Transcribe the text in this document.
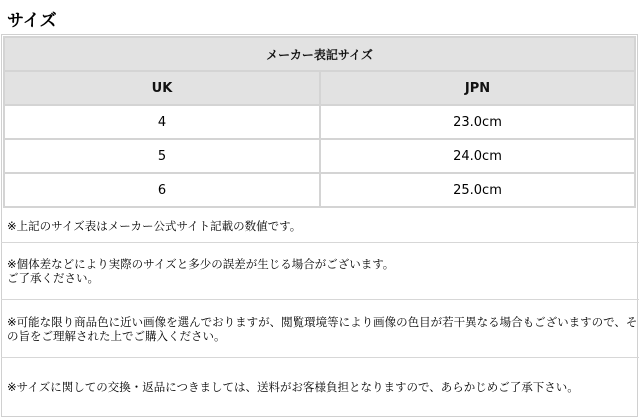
サイズ
メーカー表記サイズ	
UK	JPN
4	23.0cm
5	24.0cm
6	25.0cm
※上記のサイズ表はメーカー公式サイト記載の数値です。
※個体差などにより実際のサイズと多少の誤差が生じる場合がございます。
ご了承ください。
※可能な限り商品色に近い画像を選んでおりますが、閲覧環境等により画像の色目が若干異なる場合もございますので、その旨をご理解された上でご購入ください。
※サイズに関しての交換・返品につきましては、送料がお客様負担となりますので、あらかじめご了承下さい。
